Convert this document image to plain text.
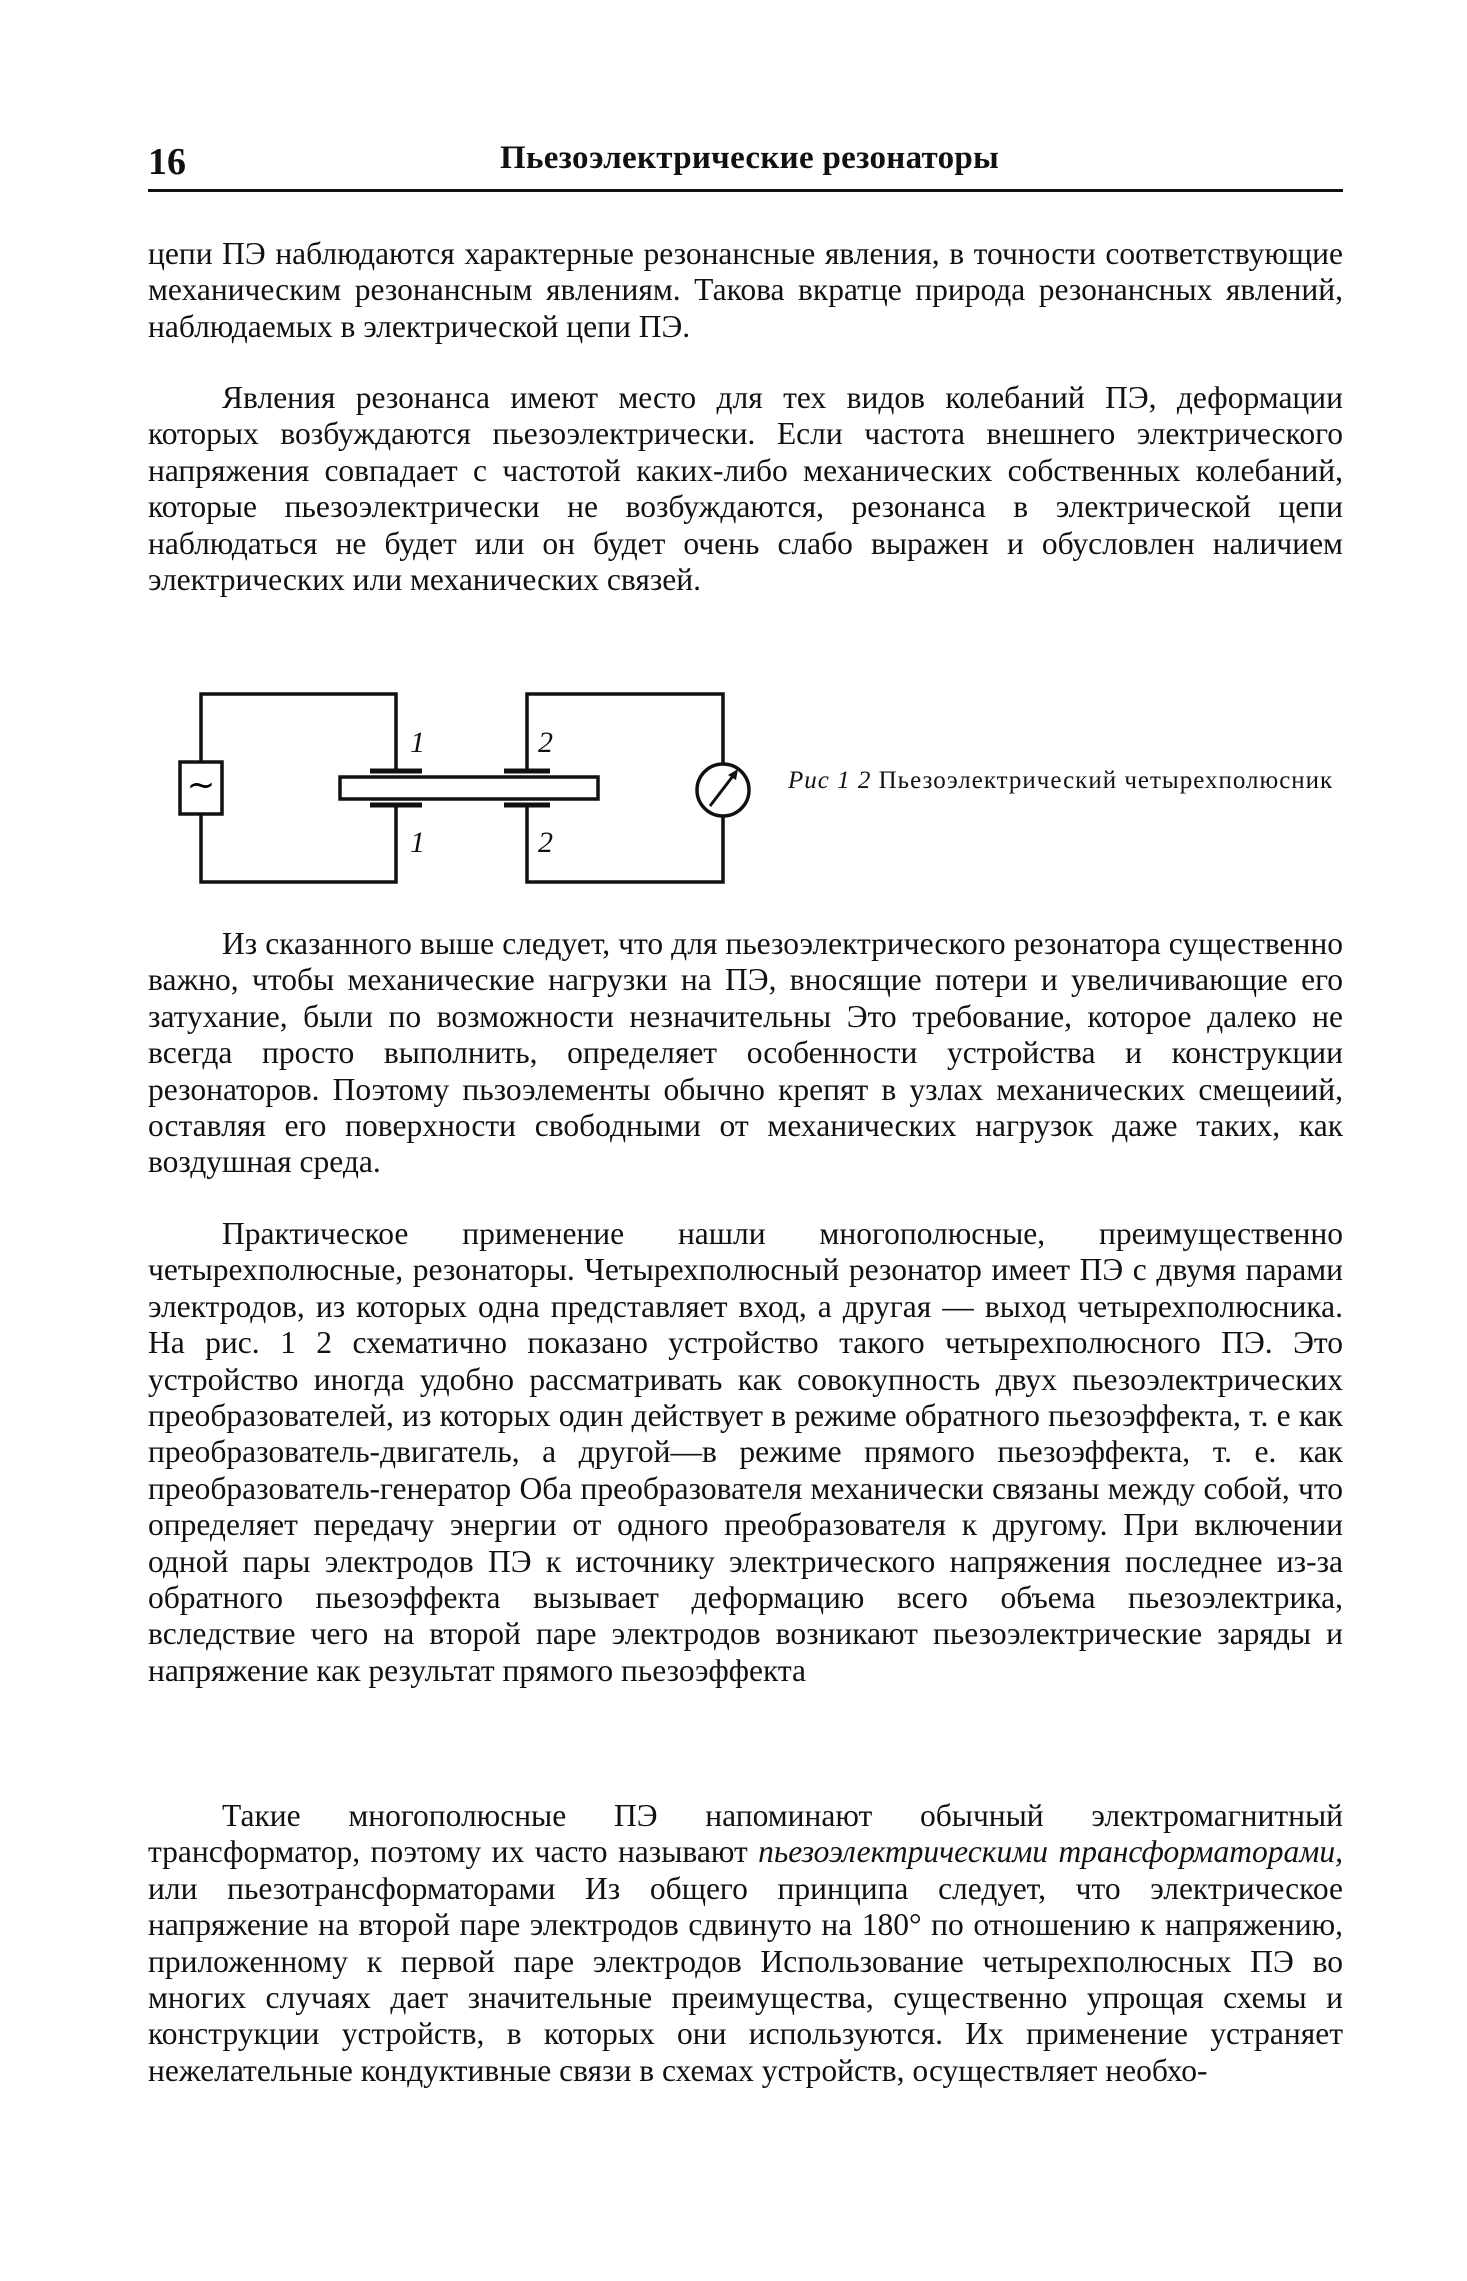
16	Пьезоэлектрические резонаторы

цепи ПЭ наблюдаются характерные резонансные явления, в точности соответствующие механическим резонансным явлениям. Такова вкратце природа резонансных явлений, наблюдаемых в электрической цепи ПЭ.

Явления резонанса имеют место для тех видов колебаний ПЭ, деформации которых возбуждаются пьезоэлектрически. Если частота внешнего электрического напряжения совпадает с частотой каких-либо механических собственных колебаний, которые пьезоэлектрически не возбуждаются, резонанса в электрической цепи наблюдаться не будет или он будет очень слабо выражен и обусловлен наличием электрических или механических связей.

~
1
1
2
2
Рис 1 2 Пьезоэлектрический четырехполюсник

Из сказанного выше следует, что для пьезоэлектрического резонатора существенно важно, чтобы механические нагрузки на ПЭ, вносящие потери и увеличивающие его затухание, были по возможности незначительны Это требование, которое далеко не всегда просто выполнить, определяет особенности устройства и конструкции резонаторов. Поэтому пьзоэлементы обычно крепят в узлах механических смещеиий, оставляя его поверхности свободными от механических нагрузок даже таких, как воздушная среда.

Практическое применение нашли многополюсные, преимущественно четырехполюсные, резонаторы. Четырехполюсный резонатор имеет ПЭ с двумя парами электродов, из которых одна представляет вход, а другая — выход четырехполюсника. На рис. 1 2 схематично показано устройство такого четырехполюсного ПЭ. Это устройство иногда удобно рассматривать как совокупность двух пьезоэлектрических преобразователей, из которых один действует в режиме обратного пьезоэффекта, т. е как преобразователь-двигатель, а другой—в режиме прямого пьезоэффекта, т. е. как преобразователь-генератор Оба преобразователя механически связаны между собой, что определяет передачу энергии от одного преобразователя к другому. При включении одной пары электродов ПЭ к источнику электрического напряжения последнее из-за обратного пьезоэффекта вызывает деформацию всего объема пьезоэлектрика, вследствие чего на второй паре электродов возникают пьезоэлектрические заряды и напряжение как результат прямого пьезоэффекта

Такие многополюсные ПЭ напоминают обычный электромагнитный трансформатор, поэтому их часто называют пьезоэлектрическими трансформаторами, или пьезотрансформаторами Из общего принципа следует, что электрическое напряжение на второй паре электродов сдвинуто на 180° по отношению к напряжению, приложенному к первой паре электродов Использование четырехполюсных ПЭ во многих случаях дает значительные преимущества, существенно упрощая схемы и конструкции устройств, в которых они используются. Их применение устраняет нежелательные кондуктивные связи в схемах устройств, осуществляет необхо-
